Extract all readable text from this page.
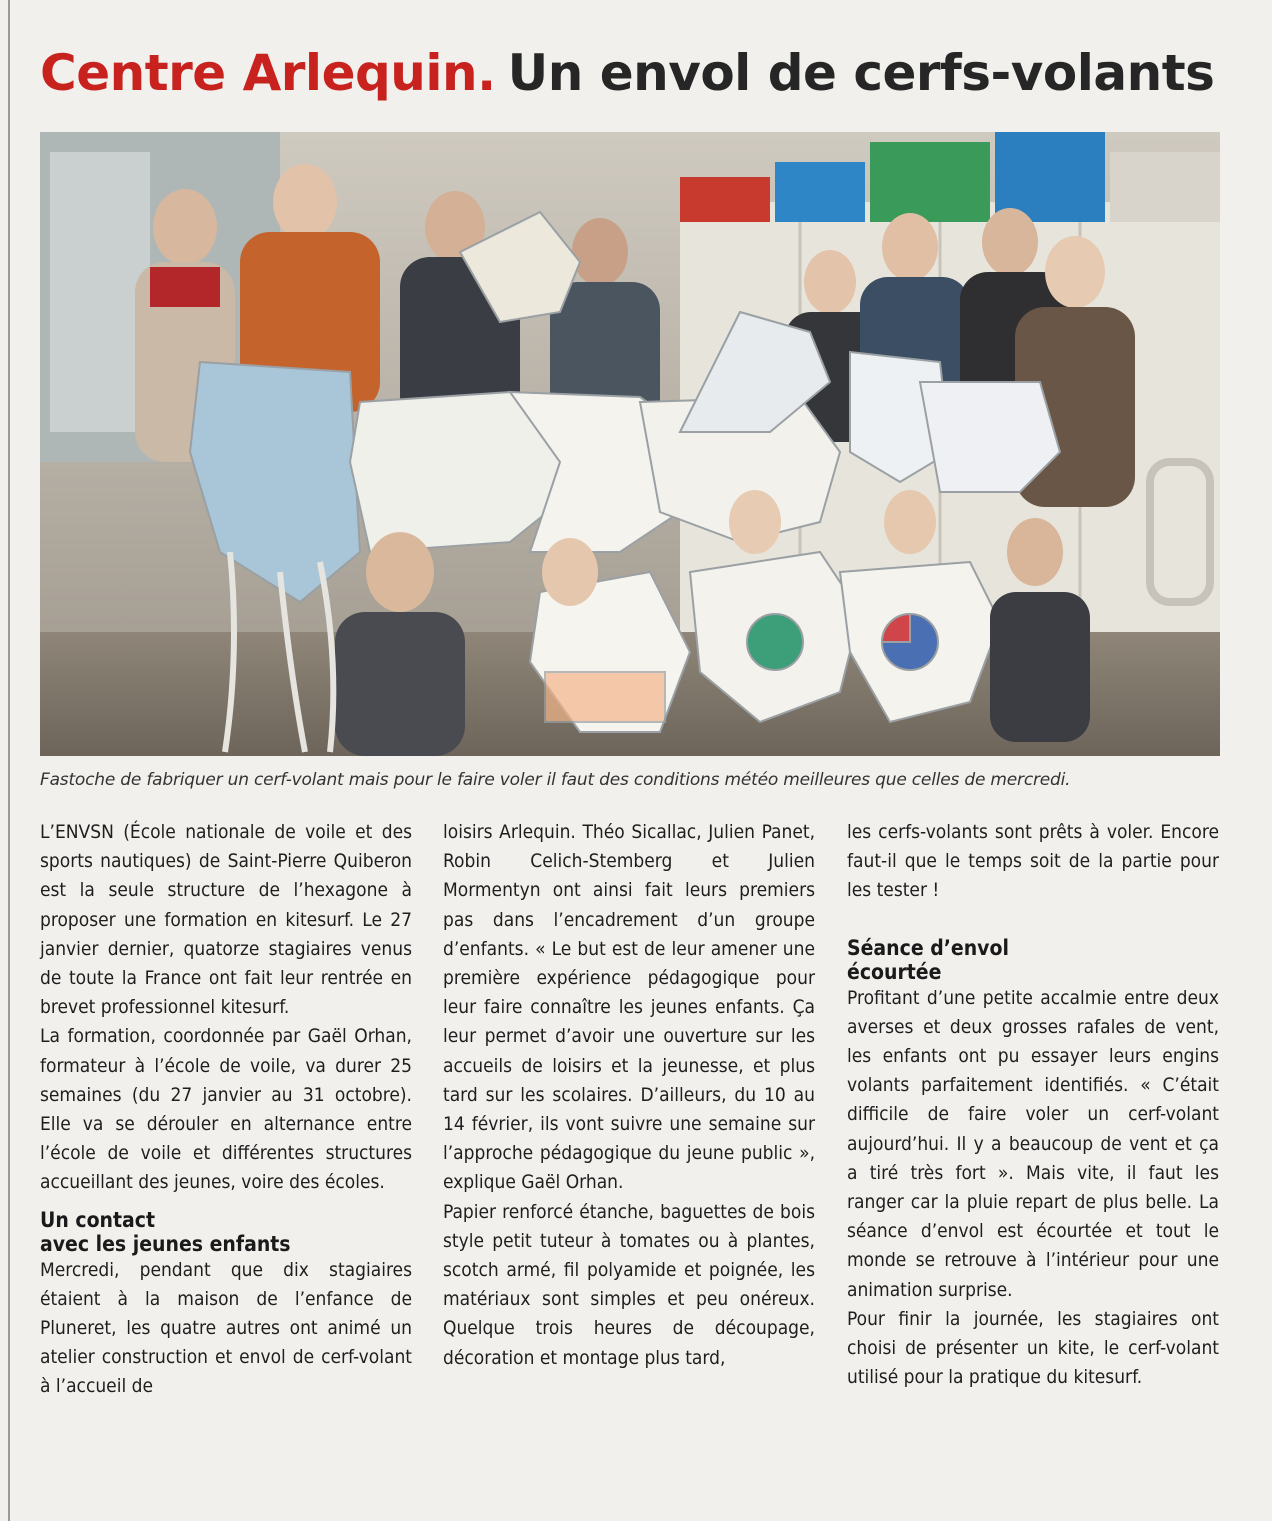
Centre Arlequin. Un envol de cerfs-volants
Fastoche de fabriquer un cerf-volant mais pour le faire voler il faut des conditions météo meilleures que celles de mercredi.

L’ENVSN (École nationale de voile et des sports nautiques) de Saint-Pierre Quiberon est la seule structure de l’hexagone à proposer une formation en kitesurf. Le 27 janvier dernier, quatorze stagiaires venus de toute la France ont fait leur rentrée en brevet professionnel kitesurf.

La formation, coordonnée par Gaël Orhan, formateur à l’école de voile, va durer 25 semaines (du 27 janvier au 31 octobre). Elle va se dérouler en alternance entre l’école de voile et différentes structures accueillant des jeunes, voire des écoles.

Un contact
avec les jeunes enfants

Mercredi, pendant que dix stagiaires étaient à la maison de l’enfance de Pluneret, les quatre autres ont animé un atelier construction et envol de cerf-volant à l’accueil de

loisirs Arlequin. Théo Sicallac, Julien Panet, Robin Celich-Stemberg et Julien Mormentyn ont ainsi fait leurs premiers pas dans l’encadrement d’un groupe d’enfants. « Le but est de leur amener une première expérience pédagogique pour leur faire connaître les jeunes enfants. Ça leur permet d’avoir une ouverture sur les accueils de loisirs et la jeunesse, et plus tard sur les scolaires. D’ailleurs, du 10 au 14 février, ils vont suivre une semaine sur l’approche pédagogique du jeune public », explique Gaël Orhan.

Papier renforcé étanche, baguettes de bois style petit tuteur à tomates ou à plantes, scotch armé, fil polyamide et poignée, les matériaux sont simples et peu onéreux. Quelque trois heures de découpage, décoration et montage plus tard,

les cerfs-volants sont prêts à voler. Encore faut-il que le temps soit de la partie pour les tester !

Séance d’envol
écourtée

Profitant d’une petite accalmie entre deux averses et deux grosses rafales de vent, les enfants ont pu essayer leurs engins volants parfaitement identifiés. « C’était difficile de faire voler un cerf-volant aujourd’hui. Il y a beaucoup de vent et ça a tiré très fort ». Mais vite, il faut les ranger car la pluie repart de plus belle. La séance d’envol est écourtée et tout le monde se retrouve à l’intérieur pour une animation surprise.

Pour finir la journée, les stagiaires ont choisi de présenter un kite, le cerf-volant utilisé pour la pratique du kitesurf.
